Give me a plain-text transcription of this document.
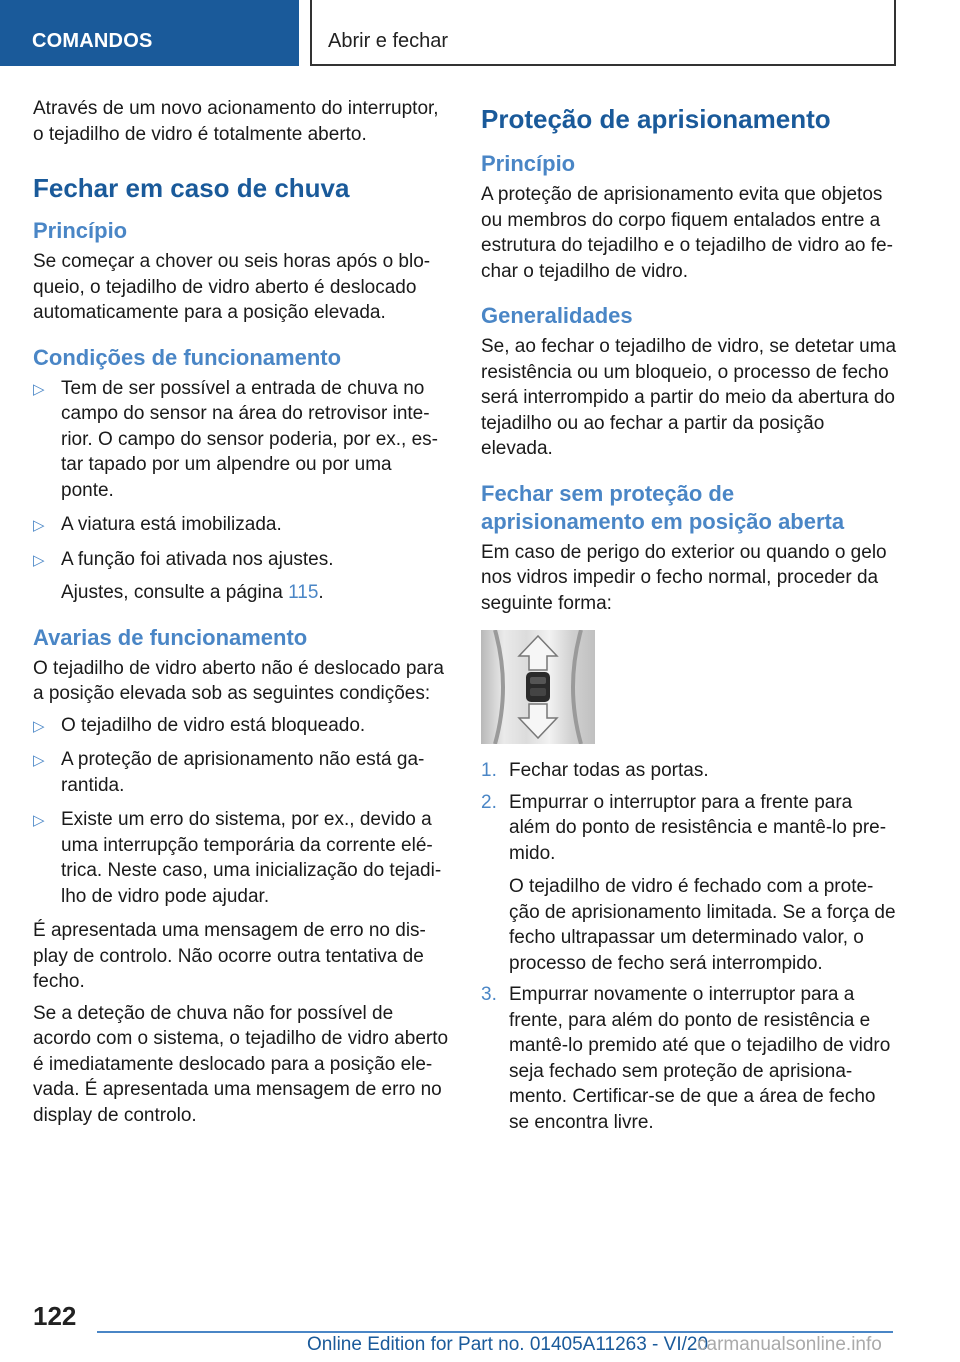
COMANDOS	Abrir e fechar

Através de um novo acionamento do interruptor, o tejadilho de vidro é totalmente aberto.

Fechar em caso de chuva
Princípio

Se começar a chover ou seis horas após o blo‐queio, o tejadilho de vidro aberto é deslocado automaticamente para a posição elevada.

Condições de funcionamento
▷ Tem de ser possível a entrada de chuva no campo do sensor na área do retrovisor inte‐rior. O campo do sensor poderia, por ex., es‐tar tapado por um alpendre ou por uma ponte.
▷ A viatura está imobilizada.
▷ A função foi ativada nos ajustes.
Ajustes, consulte a página 115.
Avarias de funcionamento

O tejadilho de vidro aberto não é deslocado para a posição elevada sob as seguintes condições:

▷ O tejadilho de vidro está bloqueado.
▷ A proteção de aprisionamento não está ga‐rantida.
▷ Existe um erro do sistema, por ex., devido a uma interrupção temporária da corrente elé‐trica. Neste caso, uma inicialização do tejadi‐lho de vidro pode ajudar.

É apresentada uma mensagem de erro no dis‐play de controlo. Não ocorre outra tentativa de fecho.

Se a deteção de chuva não for possível de acordo com o sistema, o tejadilho de vidro aberto é imediatamente deslocado para a posição ele‐vada. É apresentada uma mensagem de erro no display de controlo.

Proteção de aprisionamento
Princípio

A proteção de aprisionamento evita que objetos ou membros do corpo fiquem entalados entre a estrutura do tejadilho e o tejadilho de vidro ao fe‐char o tejadilho de vidro.

Generalidades

Se, ao fechar o tejadilho de vidro, se detetar uma resistência ou um bloqueio, o processo de fecho será interrompido a partir do meio da abertura do tejadilho ou ao fechar a partir da posição elevada.

Fechar sem proteção de aprisionamento em posição aberta

Em caso de perigo do exterior ou quando o gelo nos vidros impedir o fecho normal, proceder da seguinte forma:

1. Fechar todas as portas.
2. Empurrar o interruptor para a frente para além do ponto de resistência e mantê-lo pre‐mido.
O tejadilho de vidro é fechado com a prote‐ção de aprisionamento limitada. Se a força de fecho ultrapassar um determinado valor, o processo de fecho será interrompido.
3. Empurrar novamente o interruptor para a frente, para além do ponto de resistência e mantê-lo premido até que o tejadilho de vidro seja fechado sem proteção de aprisiona‐mento. Certificar-se de que a área de fecho se encontra livre.
122
Online Edition for Part no. 01405A11263 - VI/20
carmanualsonline.info
